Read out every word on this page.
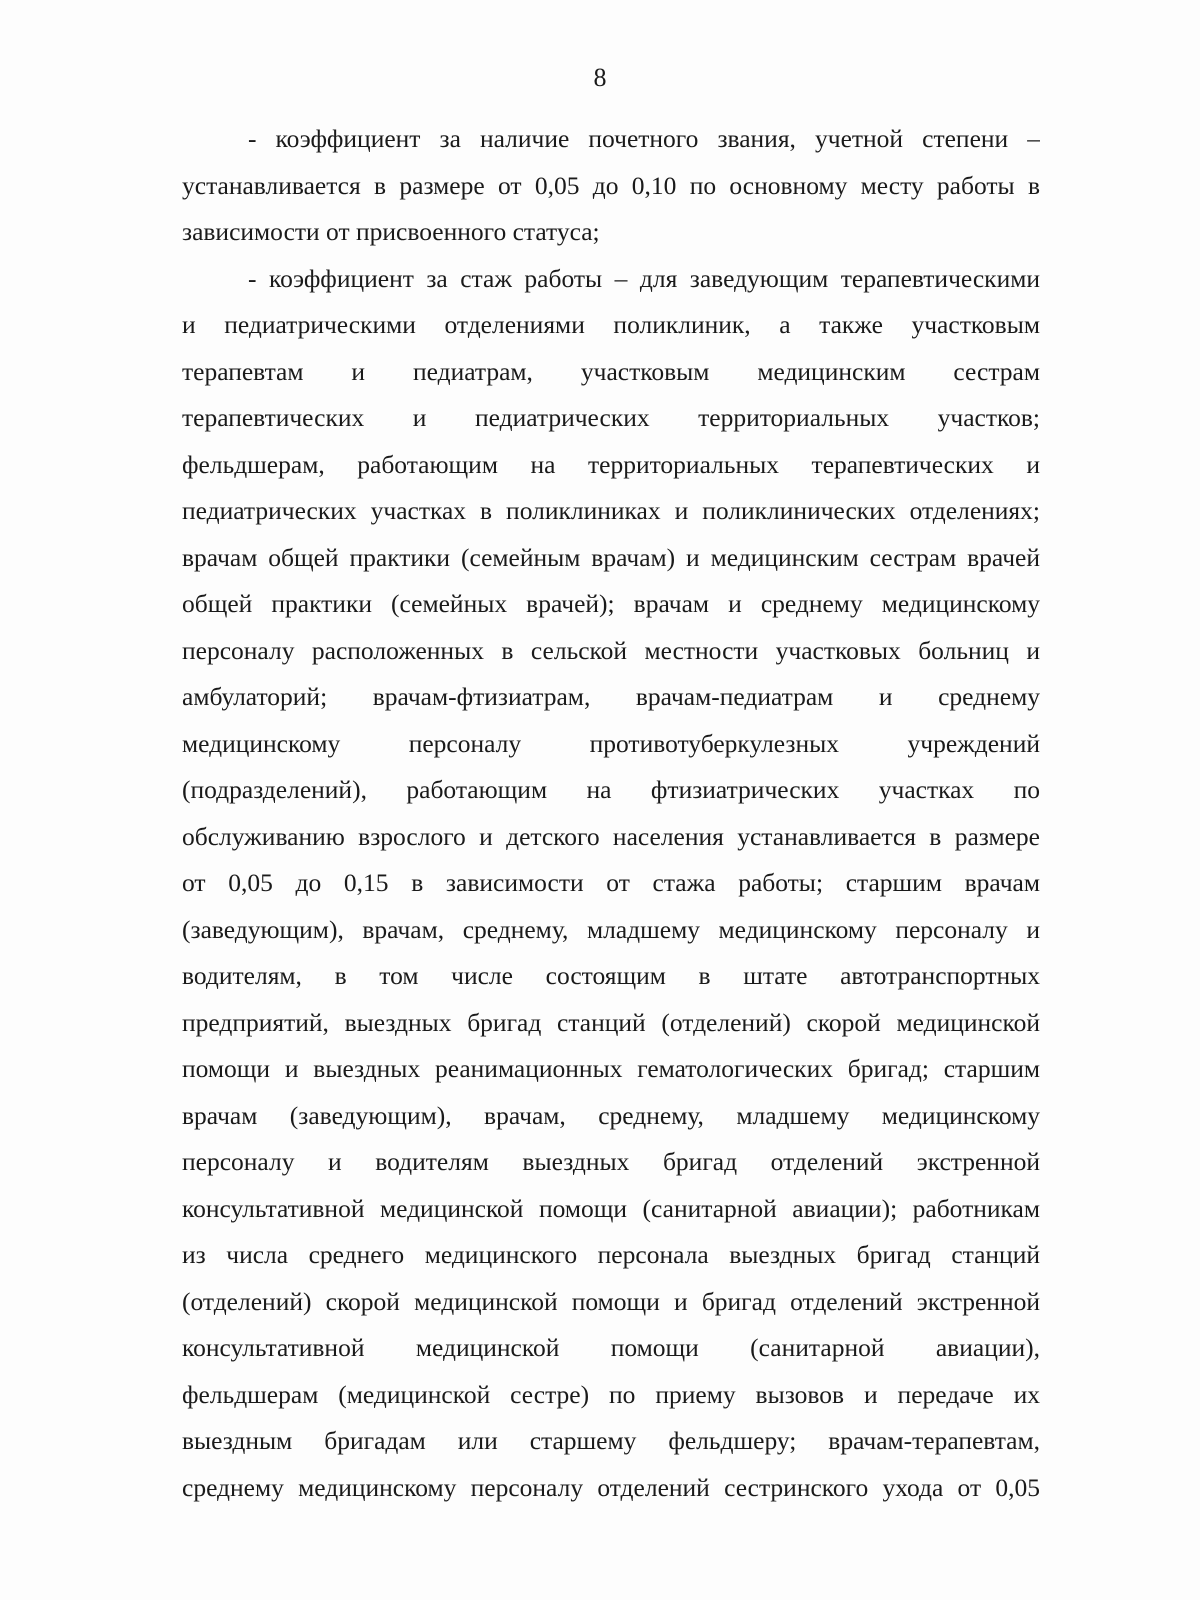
8
- коэффициент за наличие почетного звания, учетной степени –
устанавливается в размере от 0,05 до 0,10 по основному месту работы в
зависимости от присвоенного статуса;
- коэффициент за стаж работы – для заведующим терапевтическими
и педиатрическими отделениями поликлиник, а также участковым
терапевтам и педиатрам, участковым медицинским сестрам
терапевтических и педиатрических территориальных участков;
фельдшерам, работающим на территориальных терапевтических и
педиатрических участках в поликлиниках и поликлинических отделениях;
врачам общей практики (семейным врачам) и медицинским сестрам врачей
общей практики (семейных врачей); врачам и среднему медицинскому
персоналу расположенных в сельской местности участковых больниц и
амбулаторий; врачам-фтизиатрам, врачам-педиатрам и среднему
медицинскому персоналу противотуберкулезных учреждений
(подразделений), работающим на фтизиатрических участках по
обслуживанию взрослого и детского населения устанавливается в размере
от 0,05 до 0,15 в зависимости от стажа работы; старшим врачам
(заведующим), врачам, среднему, младшему медицинскому персоналу и
водителям, в том числе состоящим в штате автотранспортных
предприятий, выездных бригад станций (отделений) скорой медицинской
помощи и выездных реанимационных гематологических бригад; старшим
врачам (заведующим), врачам, среднему, младшему медицинскому
персоналу и водителям выездных бригад отделений экстренной
консультативной медицинской помощи (санитарной авиации); работникам
из числа среднего медицинского персонала выездных бригад станций
(отделений) скорой медицинской помощи и бригад отделений экстренной
консультативной медицинской помощи (санитарной авиации),
фельдшерам (медицинской сестре) по приему вызовов и передаче их
выездным бригадам или старшему фельдшеру; врачам-терапевтам,
среднему медицинскому персоналу отделений сестринского ухода от 0,05
